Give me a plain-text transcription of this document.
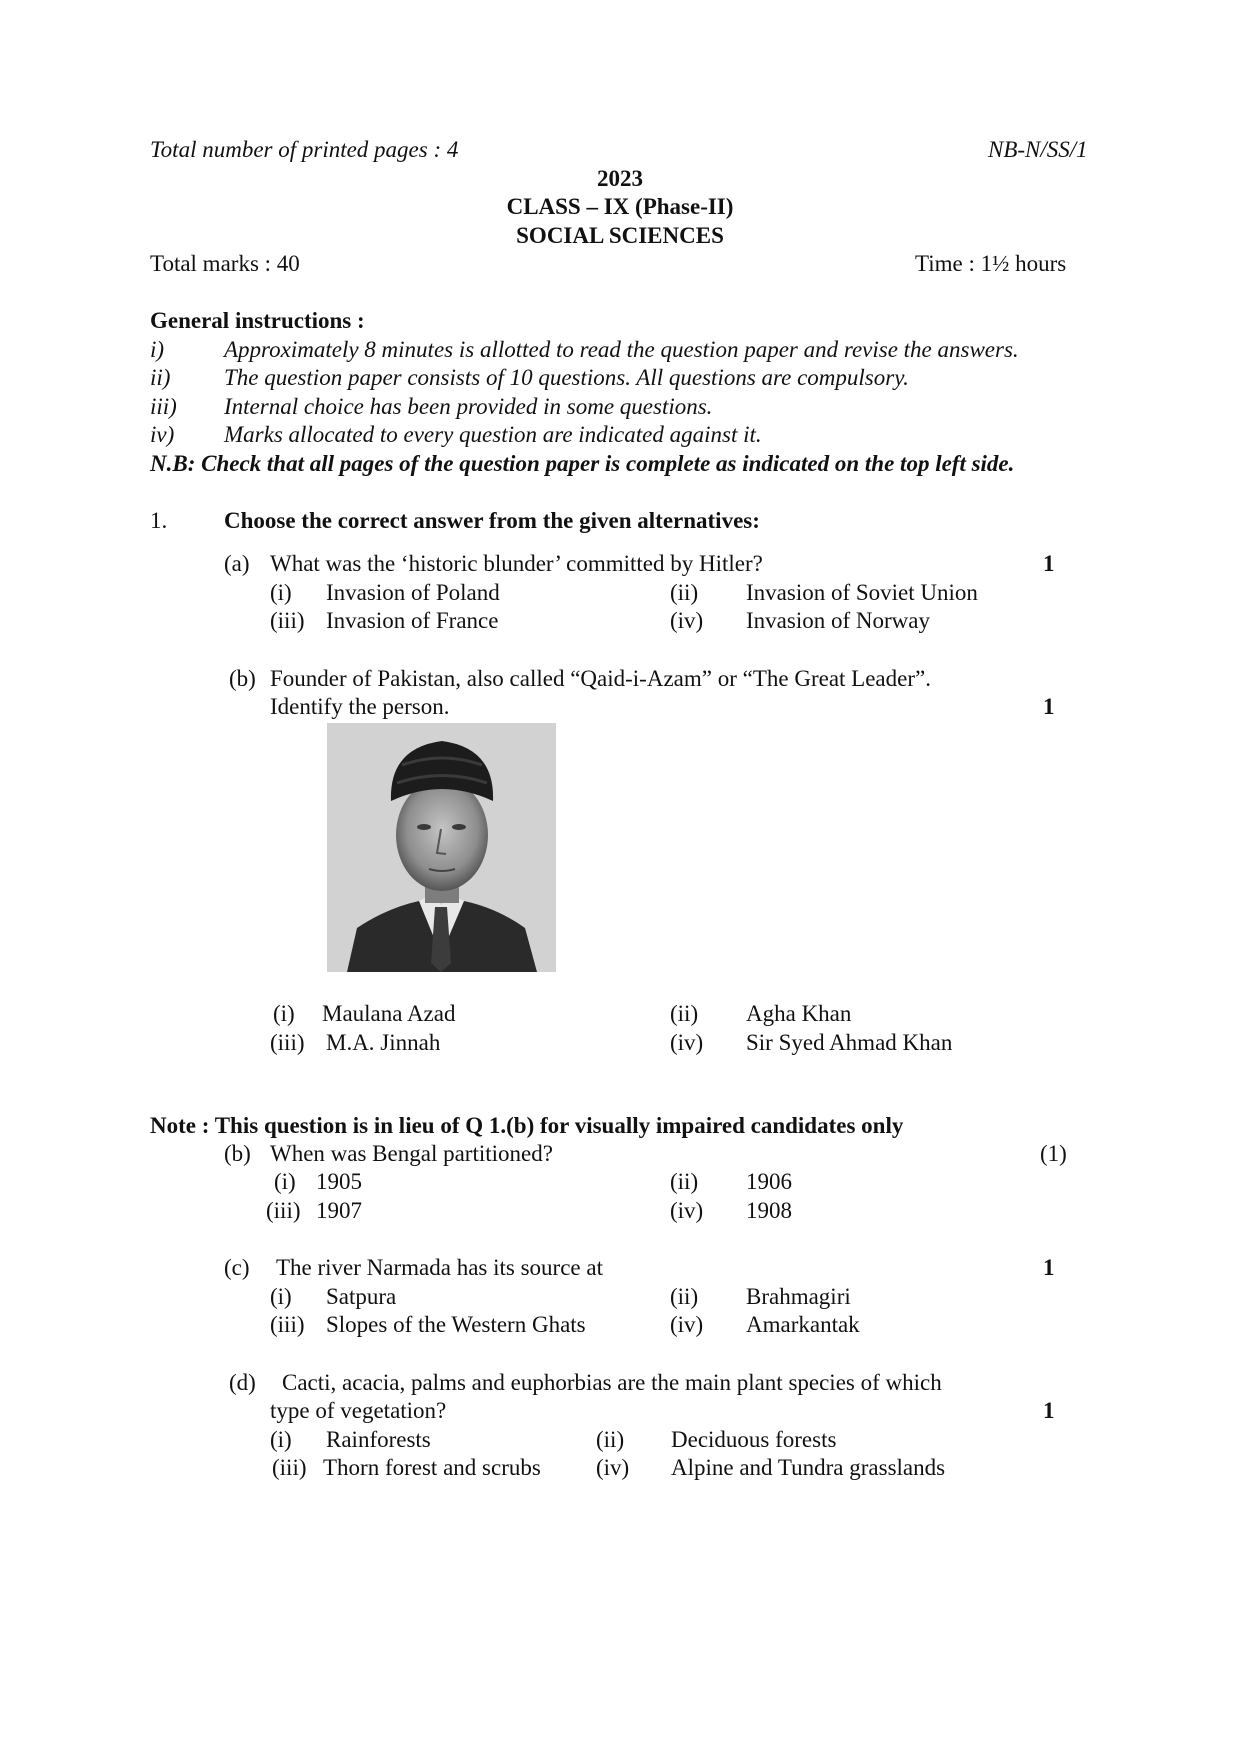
Total number of printed pages : 4	NB-N/SS/1
2023
CLASS – IX (Phase-II)
SOCIAL SCIENCES
Total marks : 40	Time : 1½ hours
General instructions :
i)	Approximately 8 minutes is allotted to read the question paper and revise the answers.
ii) The question paper consists of 10 questions. All questions are compulsory.
iii) Internal choice has been provided in some questions.
iv) Marks allocated to every question are indicated against it.
N.B: Check that all pages of the question paper is complete as indicated on the top left side.
1. Choose the correct answer from the given alternatives:
(a) What was the ‘historic blunder’ committed by Hitler?	1
(i) Invasion of Poland	(ii) Invasion of Soviet Union
(iii) Invasion of France	(iv) Invasion of Norway
(b) Founder of Pakistan, also called “Qaid-i-Azam” or “The Great Leader”.
Identify the person.	1
(i) Maulana Azad	(ii) Agha Khan
(iii) M.A. Jinnah	(iv) Sir Syed Ahmad Khan
Note : This question is in lieu of Q 1.(b) for visually impaired candidates only
(b) When was Bengal partitioned?	(1)
(i) 1905	(ii) 1906
(iii) 1907	(iv) 1908
(c) The river Narmada has its source at	1
(i) Satpura	(ii) Brahmagiri
(iii) Slopes of the Western Ghats	(iv) Amarkantak
(d) Cacti, acacia, palms and euphorbias are the main plant species of which
type of vegetation?	1
(i) Rainforests	(ii) Deciduous forests
(iii) Thorn forest and scrubs (iv) Alpine and Tundra grasslands
